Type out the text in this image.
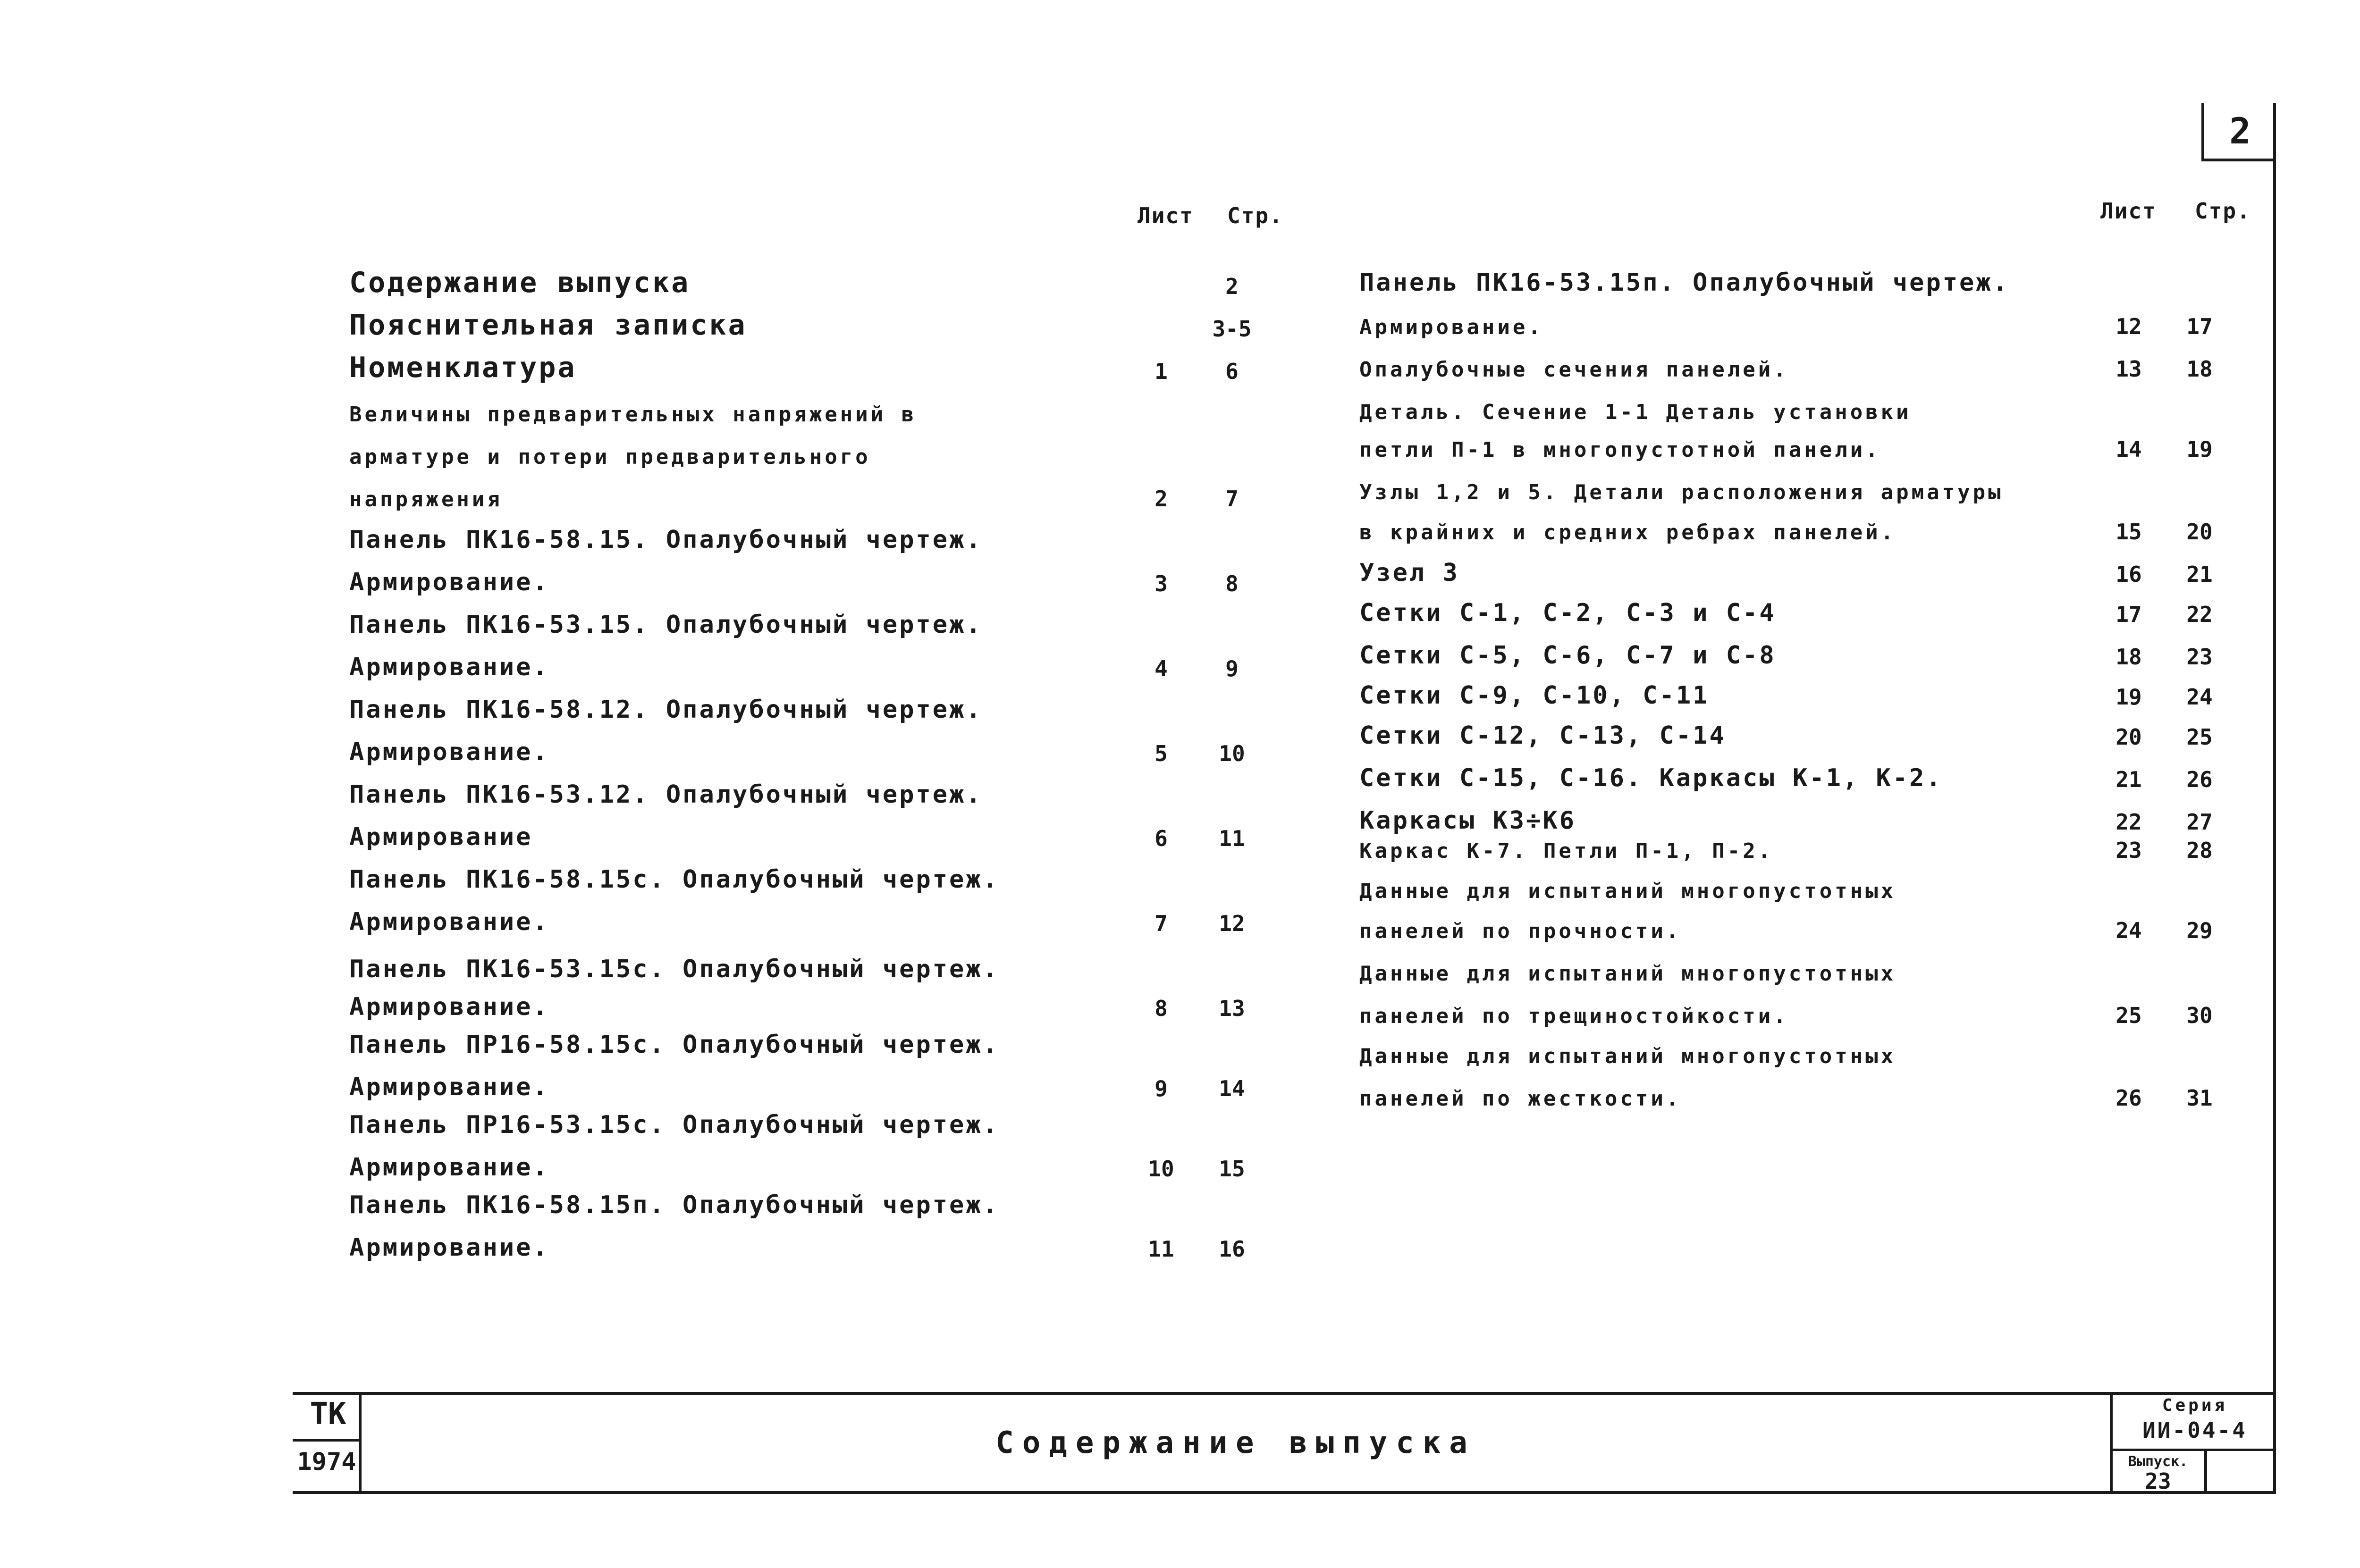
2
Лист Стр.	Лист Стр.
Содержание выпуска	2
Пояснительная записка	3-5
Номенклатура	1	6
Величины предварительных напряжений в
арматуре и потери предварительного
напряжения	2	7
Панель ПК16-58.15. Опалубочный чертеж.
Армирование.	3	8
Панель ПК16-53.15. Опалубочный чертеж.
Армирование.	4	9
Панель ПК16-58.12. Опалубочный чертеж.
Армирование.	5	10
Панель ПК16-53.12. Опалубочный чертеж.
Армирование	6	11
Панель ПК16-58.15с. Опалубочный чертеж.
Армирование.	7	12
Панель ПК16-53.15с. Опалубочный чертеж.
Армирование.	8	13
Панель ПР16-58.15с. Опалубочный чертеж.
Армирование.	9	14
Панель ПР16-53.15с. Опалубочный чертеж.
Армирование.	10	15
Панель ПК16-58.15п. Опалубочный чертеж.
Армирование.	11	16
Панель ПК16-53.15п. Опалубочный чертеж.
Армирование.	12	17
Опалубочные сечения панелей.	13	18
Деталь. Сечение 1-1 Деталь установки
петли П-1 в многопустотной панели.	14	19
Узлы 1,2 и 5. Детали расположения арматуры
в крайних и средних ребрах панелей.	15	20
Узел 3	16	21
Сетки С-1, С-2, С-3 и С-4	17	22
Сетки С-5, С-6, С-7 и С-8	18	23
Сетки С-9, С-10, С-11	19	24
Сетки С-12, С-13, С-14	20	25
Сетки С-15, С-16. Каркасы К-1, К-2.	21	26
Каркасы К3÷К6	22	27
Каркас К-7. Петли П-1, П-2.	23	28
Данные для испытаний многопустотных
панелей по прочности.	24	29
Данные для испытаний многопустотных
панелей по трещиностойкости.	25	30
Данные для испытаний многопустотных
панелей по жесткости.	26	31
ТК
1974
Содержание выпуска
Серия
ИИ-04-4
Выпуск.
23
